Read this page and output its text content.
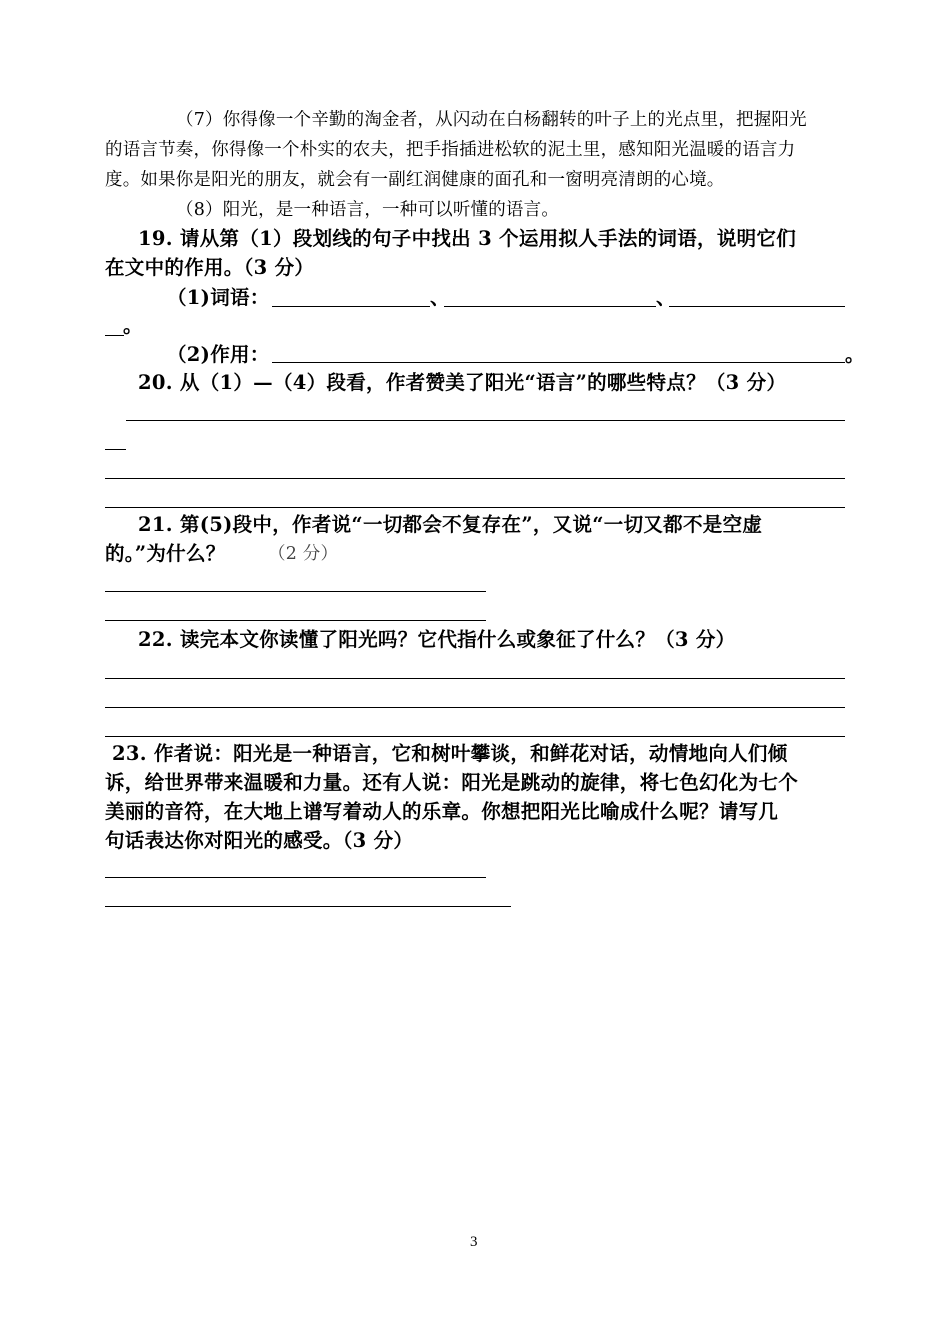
（7）你得像一个辛勤的淘金者，从闪动在白杨翻转的叶子上的光点里，把握阳光
的语言节奏，你得像一个朴实的农夫，把手指插进松软的泥土里，感知阳光温暖的语言力
度。如果你是阳光的朋友，就会有一副红润健康的面孔和一窗明亮清朗的心境。
（8）阳光，是一种语言，一种可以听懂的语言。
19. 请从第（1）段划线的句子中找出 3 个运用拟人手法的词语，说明它们
在文中的作用。（3 分）
（1)词语：	、	、
。
（2)作用：	。
20. 从（1）—（4）段看，作者赞美了阳光“语言”的哪些特点？（3 分）
21. 第(5)段中，作者说“一切都会不复存在”，又说“一切又都不是空虚
的。”为什么？ （2 分）
22. 读完本文你读懂了阳光吗？它代指什么或象征了什么？（3 分）
23. 作者说：阳光是一种语言，它和树叶攀谈，和鲜花对话，动情地向人们倾
诉，给世界带来温暖和力量。还有人说：阳光是跳动的旋律，将七色幻化为七个
美丽的音符，在大地上谱写着动人的乐章。你想把阳光比喻成什么呢？请写几
句话表达你对阳光的感受。（3 分）
3
